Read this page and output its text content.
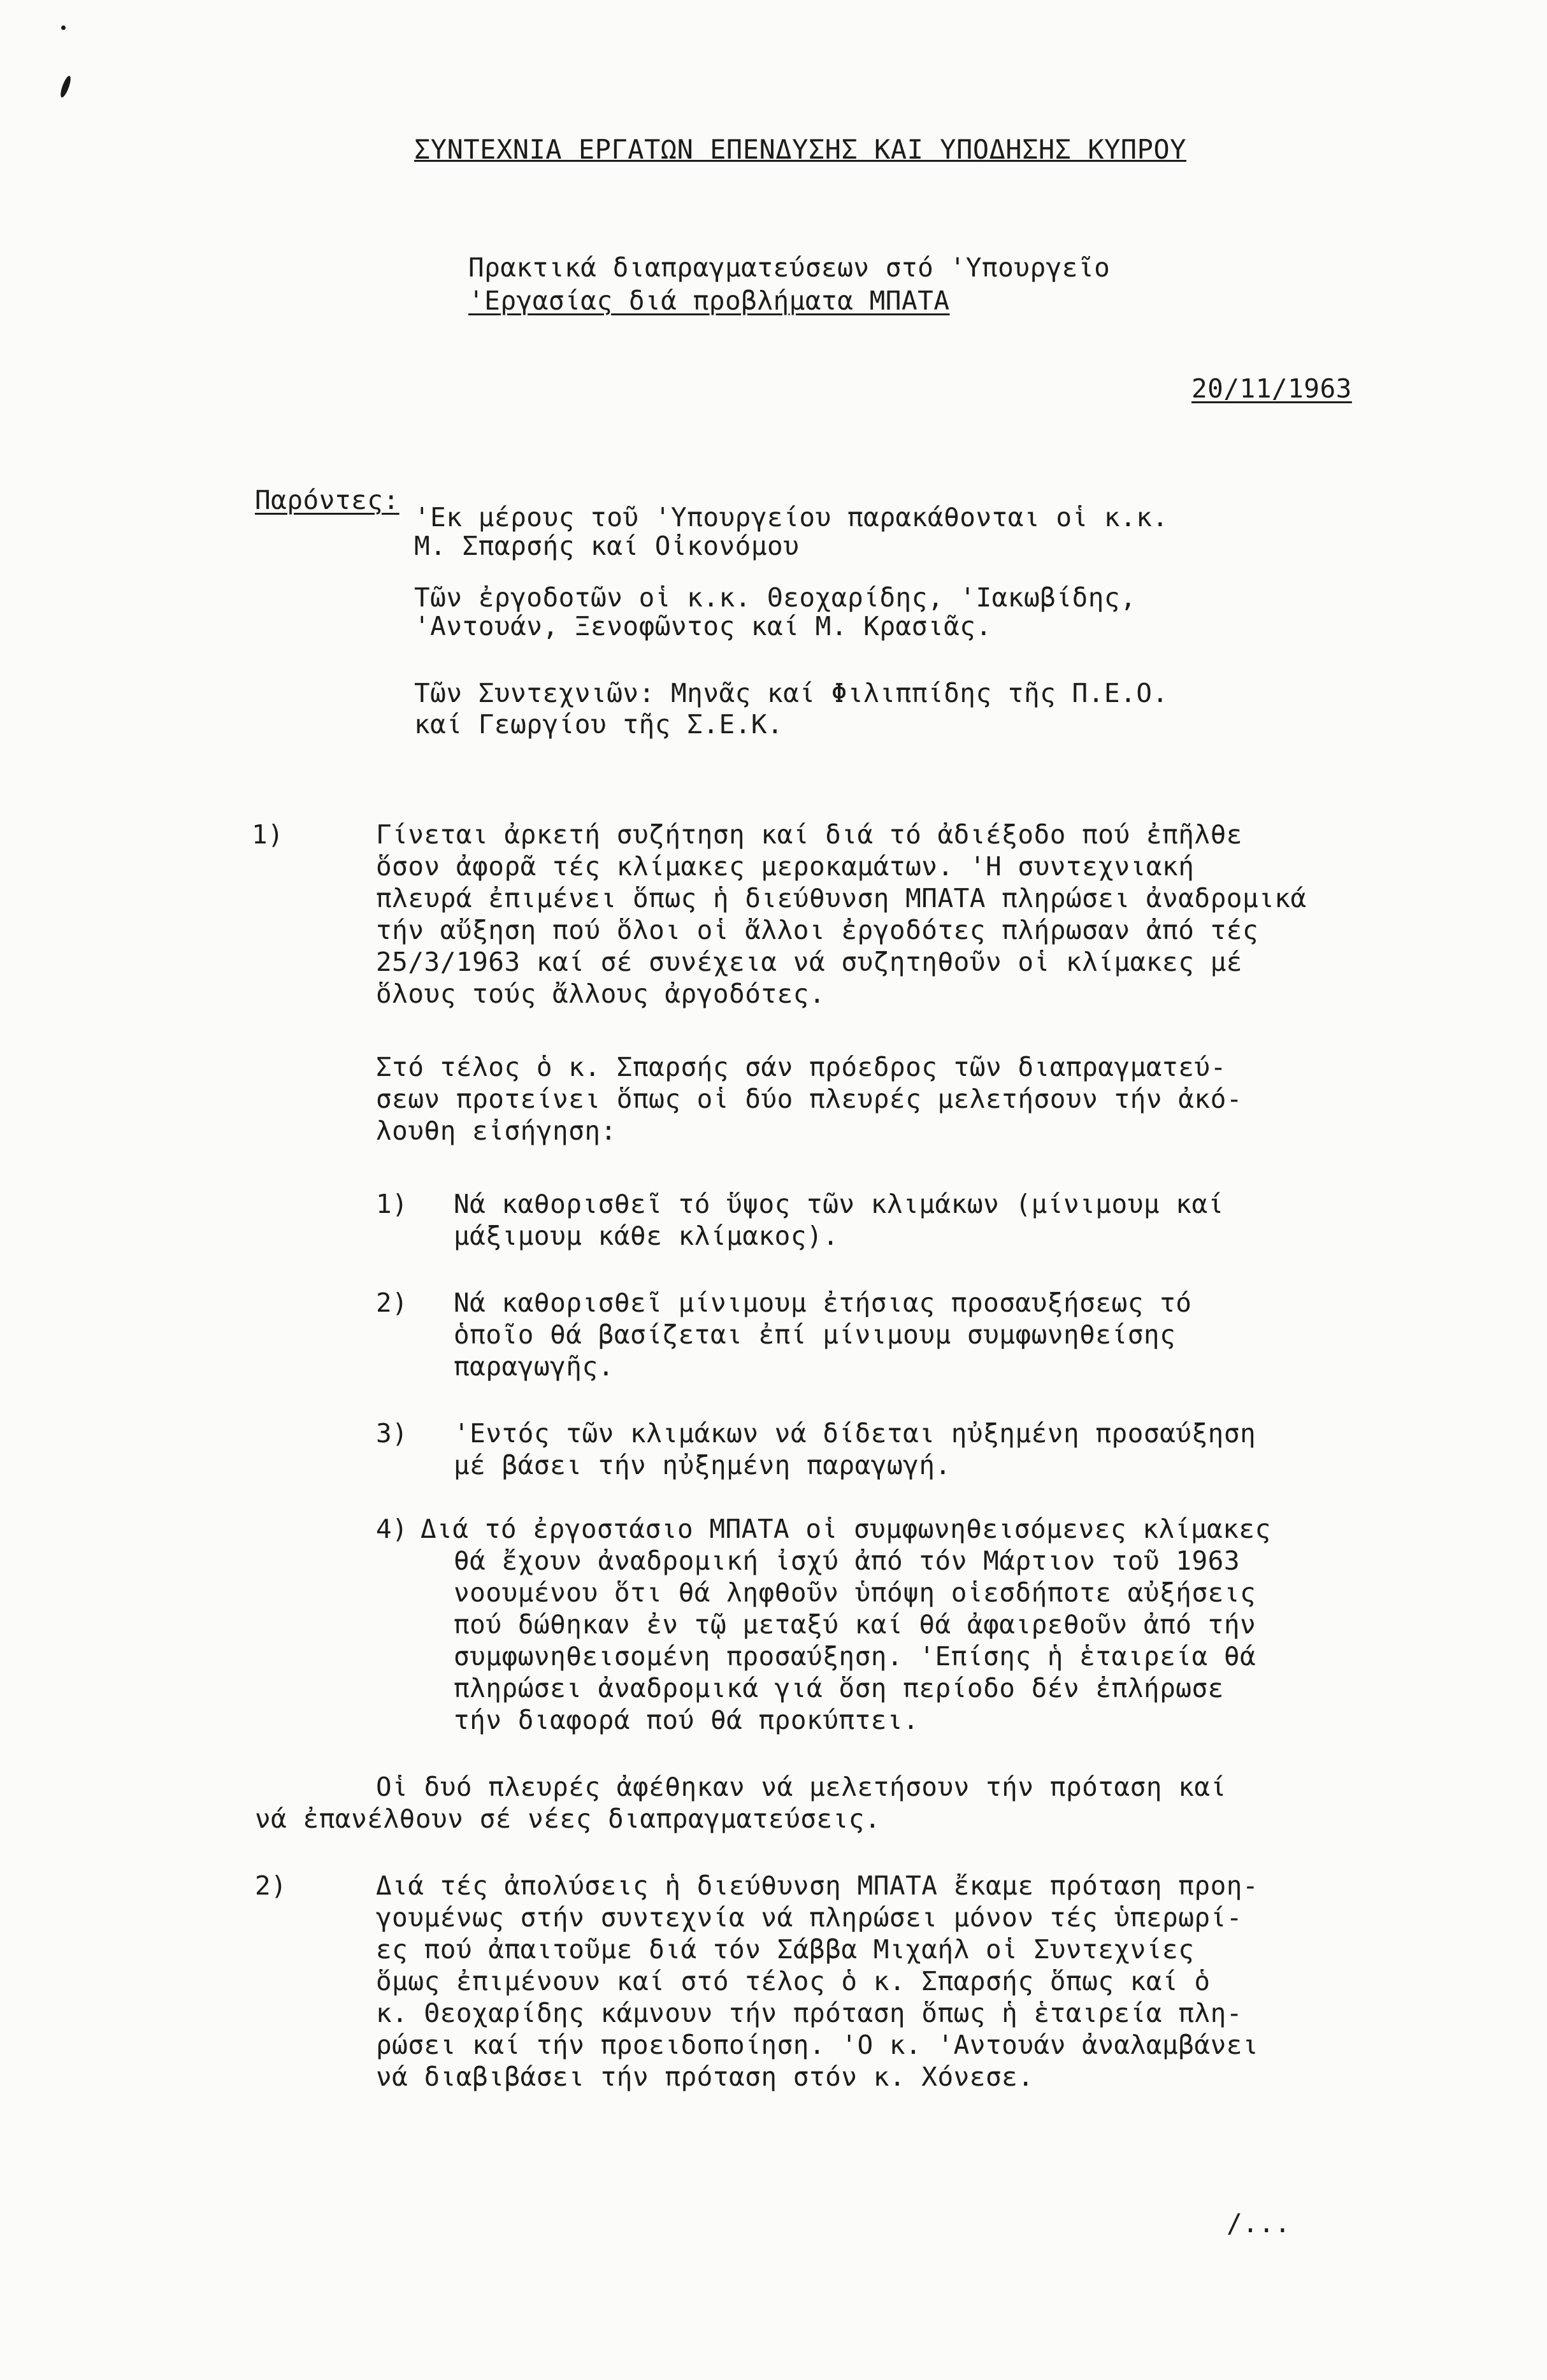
ΣΥΝΤΕΧΝΙΑ ΕΡΓΑΤΩΝ ΕΠΕΝΔΥΣΗΣ ΚΑΙ ΥΠΟΔΗΣΗΣ ΚΥΠΡΟΥ
Πρακτικά διαπραγματεύσεων στό 'Υπουργεῖο
'Εργασίας διά προβλήματα ΜΠΑΤΑ
20/11/1963
Παρόντες:
'Εκ μέρους τοῦ 'Υπουργείου παρακάθονται οἱ κ.κ.
Μ. Σπαρσής καί Οἰκονόμου
Τῶν ἐργοδοτῶν οἱ κ.κ. Θεοχαρίδης, 'Ιακωβίδης,
'Αντουάν, Ξενοφῶντος καί Μ. Κρασιᾶς.
Τῶν Συντεχνιῶν: Μηνᾶς καί Φιλιππίδης τῆς Π.Ε.Ο.
καί Γεωργίου τῆς Σ.Ε.Κ.
1)	Γίνεται ἀρκετή συζήτηση καί διά τό ἀδιέξοδο πού ἐπῆλθε
ὅσον ἀφορᾶ τές κλίμακες μεροκαμάτων. 'Η συντεχνιακή
πλευρά ἐπιμένει ὅπως ἡ διεύθυνση ΜΠΑΤΑ πληρώσει ἀναδρομικά
τήν αὔξηση πού ὅλοι οἱ ἄλλοι ἐργοδότες πλήρωσαν ἀπό τές
25/3/1963 καί σέ συνέχεια νά συζητηθοῦν οἱ κλίμακες μέ
ὅλους τούς ἄλλους ἀργοδότες.
Στό τέλος ὁ κ. Σπαρσής σάν πρόεδρος τῶν διαπραγματεύ-
σεων προτείνει ὅπως οἱ δύο πλευρές μελετήσουν τήν ἀκό-
λουθη εἰσήγηση:
1) Νά καθορισθεῖ τό ὕψος τῶν κλιμάκων (μίνιμουμ καί
μάξιμουμ κάθε κλίμακος).
2) Νά καθορισθεῖ μίνιμουμ ἐτήσιας προσαυξήσεως τό
ὁποῖο θά βασίζεται ἐπί μίνιμουμ συμφωνηθείσης
παραγωγῆς.
3) 'Εντός τῶν κλιμάκων νά δίδεται ηὐξημένη προσαύξηση
μέ βάσει τήν ηὐξημένη παραγωγή.
4) Διά τό ἐργοστάσιο ΜΠΑΤΑ οἱ συμφωνηθεισόμενες κλίμακες
θά ἔχουν ἀναδρομική ἰσχύ ἀπό τόν Μάρτιον τοῦ 1963
νοουμένου ὅτι θά ληφθοῦν ὑπόψη οἱεσδήποτε αὐξήσεις
πού δώθηκαν ἐν τῷ μεταξύ καί θά ἀφαιρεθοῦν ἀπό τήν
συμφωνηθεισομένη προσαύξηση. 'Επίσης ἡ ἑταιρεία θά
πληρώσει ἀναδρομικά γιά ὅση περίοδο δέν ἐπλήρωσε
τήν διαφορά πού θά προκύπτει.
Οἱ δυό πλευρές ἀφέθηκαν νά μελετήσουν τήν πρόταση καί
νά ἐπανέλθουν σέ νέες διαπραγματεύσεις.
2)	Διά τές ἀπολύσεις ἡ διεύθυνση ΜΠΑΤΑ ἔκαμε πρόταση προη-
γουμένως στήν συντεχνία νά πληρώσει μόνον τές ὑπερωρί-
ες πού ἀπαιτοῦμε διά τόν Σάββα Μιχαήλ οἱ Συντεχνίες
ὅμως ἐπιμένουν καί στό τέλος ὁ κ. Σπαρσής ὅπως καί ὁ
κ. Θεοχαρίδης κάμνουν τήν πρόταση ὅπως ἡ ἑταιρεία πλη-
ρώσει καί τήν προειδοποίηση. 'Ο κ. 'Αντουάν ἀναλαμβάνει
νά διαβιβάσει τήν πρόταση στόν κ. Χόνεσε.
/...
